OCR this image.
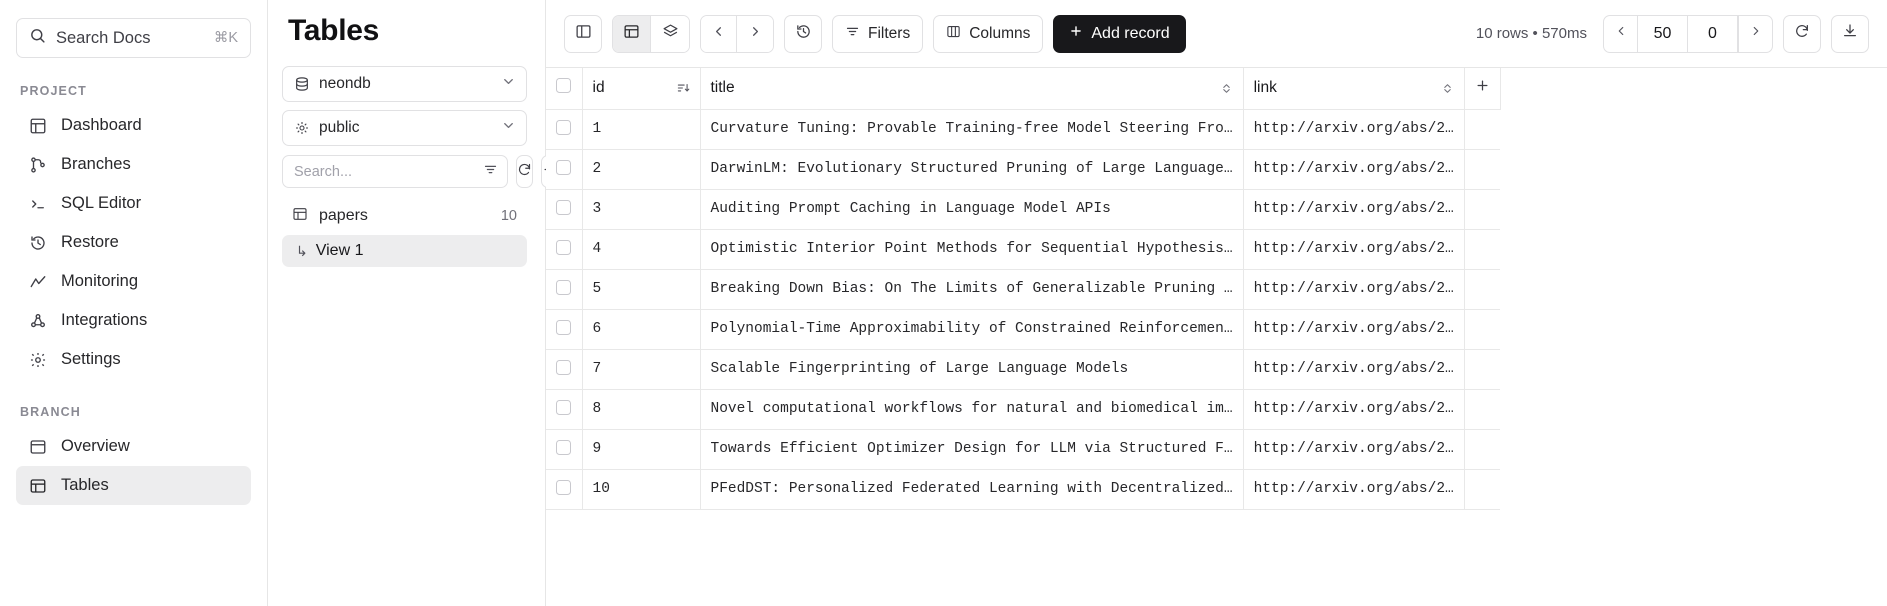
Search Docs	⌘K
PROJECT
Dashboard
Branches
SQL Editor
Restore
Monitoring
Integrations
Settings
BRANCH
Overview
Tables
Tables
neondb
public
Search...
papers	10
↳ View 1
Filters	Columns	Add record	10 rows • 570ms	50	0

	id	title	link

	1	Curvature Tuning: Provable Training-free Model Steering Fro…	http://arxiv.org/abs/2…	
	2	DarwinLM: Evolutionary Structured Pruning of Large Language…	http://arxiv.org/abs/2…	
	3	Auditing Prompt Caching in Language Model APIs	http://arxiv.org/abs/2…	
	4	Optimistic Interior Point Methods for Sequential Hypothesis…	http://arxiv.org/abs/2…	
	5	Breaking Down Bias: On The Limits of Generalizable Pruning …	http://arxiv.org/abs/2…	
	6	Polynomial-Time Approximability of Constrained Reinforcemen…	http://arxiv.org/abs/2…	
	7	Scalable Fingerprinting of Large Language Models	http://arxiv.org/abs/2…	
	8	Novel computational workflows for natural and biomedical im…	http://arxiv.org/abs/2…	
	9	Towards Efficient Optimizer Design for LLM via Structured F…	http://arxiv.org/abs/2…	
	10	PFedDST: Personalized Federated Learning with Decentralized…	http://arxiv.org/abs/2…	
